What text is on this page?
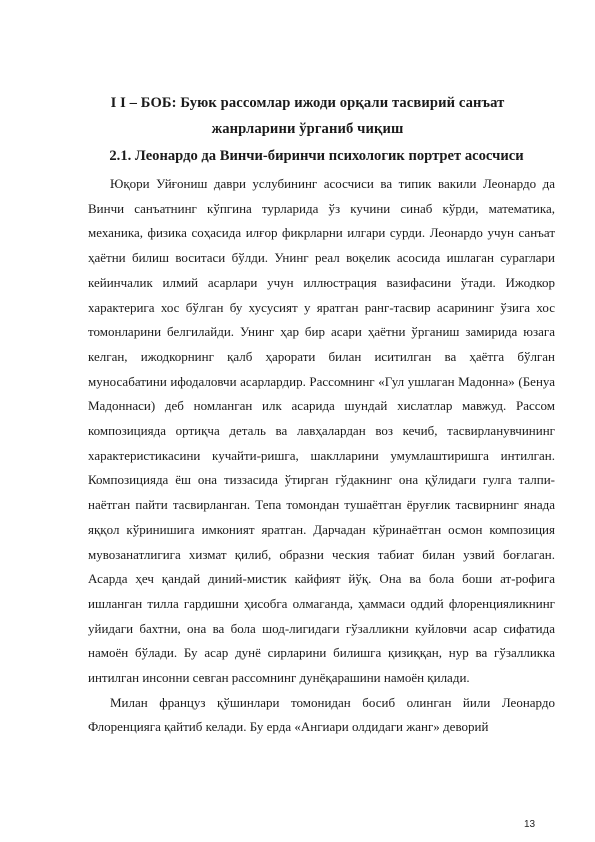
I I – БОБ: Буюк рассомлар ижоди орқали тасвирий санъат
жанрларини ўрганиб чиқиш
2.1. Леонардо да Винчи-биринчи психологик портрет асосчиси

Юқори Уйғониш даври услубининг асосчиси ва типик вакили Леонардо да Винчи санъатнинг кўпгина турларида ўз кучини синаб кўрди, математика, механика, физика соҳасида илғор фикрларни илгари сурди. Леонардо учун санъат ҳаётни билиш воситаси бўлди. Унинг реал воқелик асосида ишлаган сураглари кейинчалик илмий асарлари учун иллюстрация вазифасини ўтади. Ижодкор характерига хос бўлган бу хусусият у яратган ранг-тасвир асарининг ўзига хос томонларини белгилайди. Унинг ҳар бир асари ҳаётни ўрганиш замирида юзага келган, ижодкорнинг қалб ҳарорати билан иситилган ва ҳаётга бўлган муносабатини ифодаловчи асарлардир. Рассомнинг «Гул ушлаган Мадонна» (Бенуа Мадоннаси) деб номланган илк асарида шундай хислатлар мавжуд. Рассом композицияда ортиқча деталь ва лавҳалардан воз кечиб, тасвирланувчининг характеристикасини кучайти-ришга, шаклларини умумлаштиришга интилган. Композицияда ёш она тиззасида ўтирган гўдакнинг она қўлидаги гулга талпи-наётган пайти тасвирланган. Тепа томондан тушаётган ёруғлик тасвирнинг янада яққол кўринишига имконият яратган. Дарчадан кўринаётган осмон композиция мувозанатлигига хизмат қилиб, образни ческия табиат билан узвий боғлаган. Асарда ҳеч қандай диний-мистик кайфият йўқ. Она ва бола боши ат-рофига ишланган тилла гардишни ҳисобга олмаганда, ҳаммаси оддий флоренцияликнинг уйидаги бахтни, она ва бола шод-лигидаги гўзалликни куйловчи асар сифатида намоён бўлади. Бу асар дунё сирларини билишга қизиққан, нур ва гўзалликка интилган инсонни севган рассомнинг дунёқарашини намоён қилади.

Милан француз қўшинлари томонидан босиб олинган йили Леонардо Флоренцияга қайтиб келади. Бу ерда «Ангиари олдидаги жанг» деворий

13
